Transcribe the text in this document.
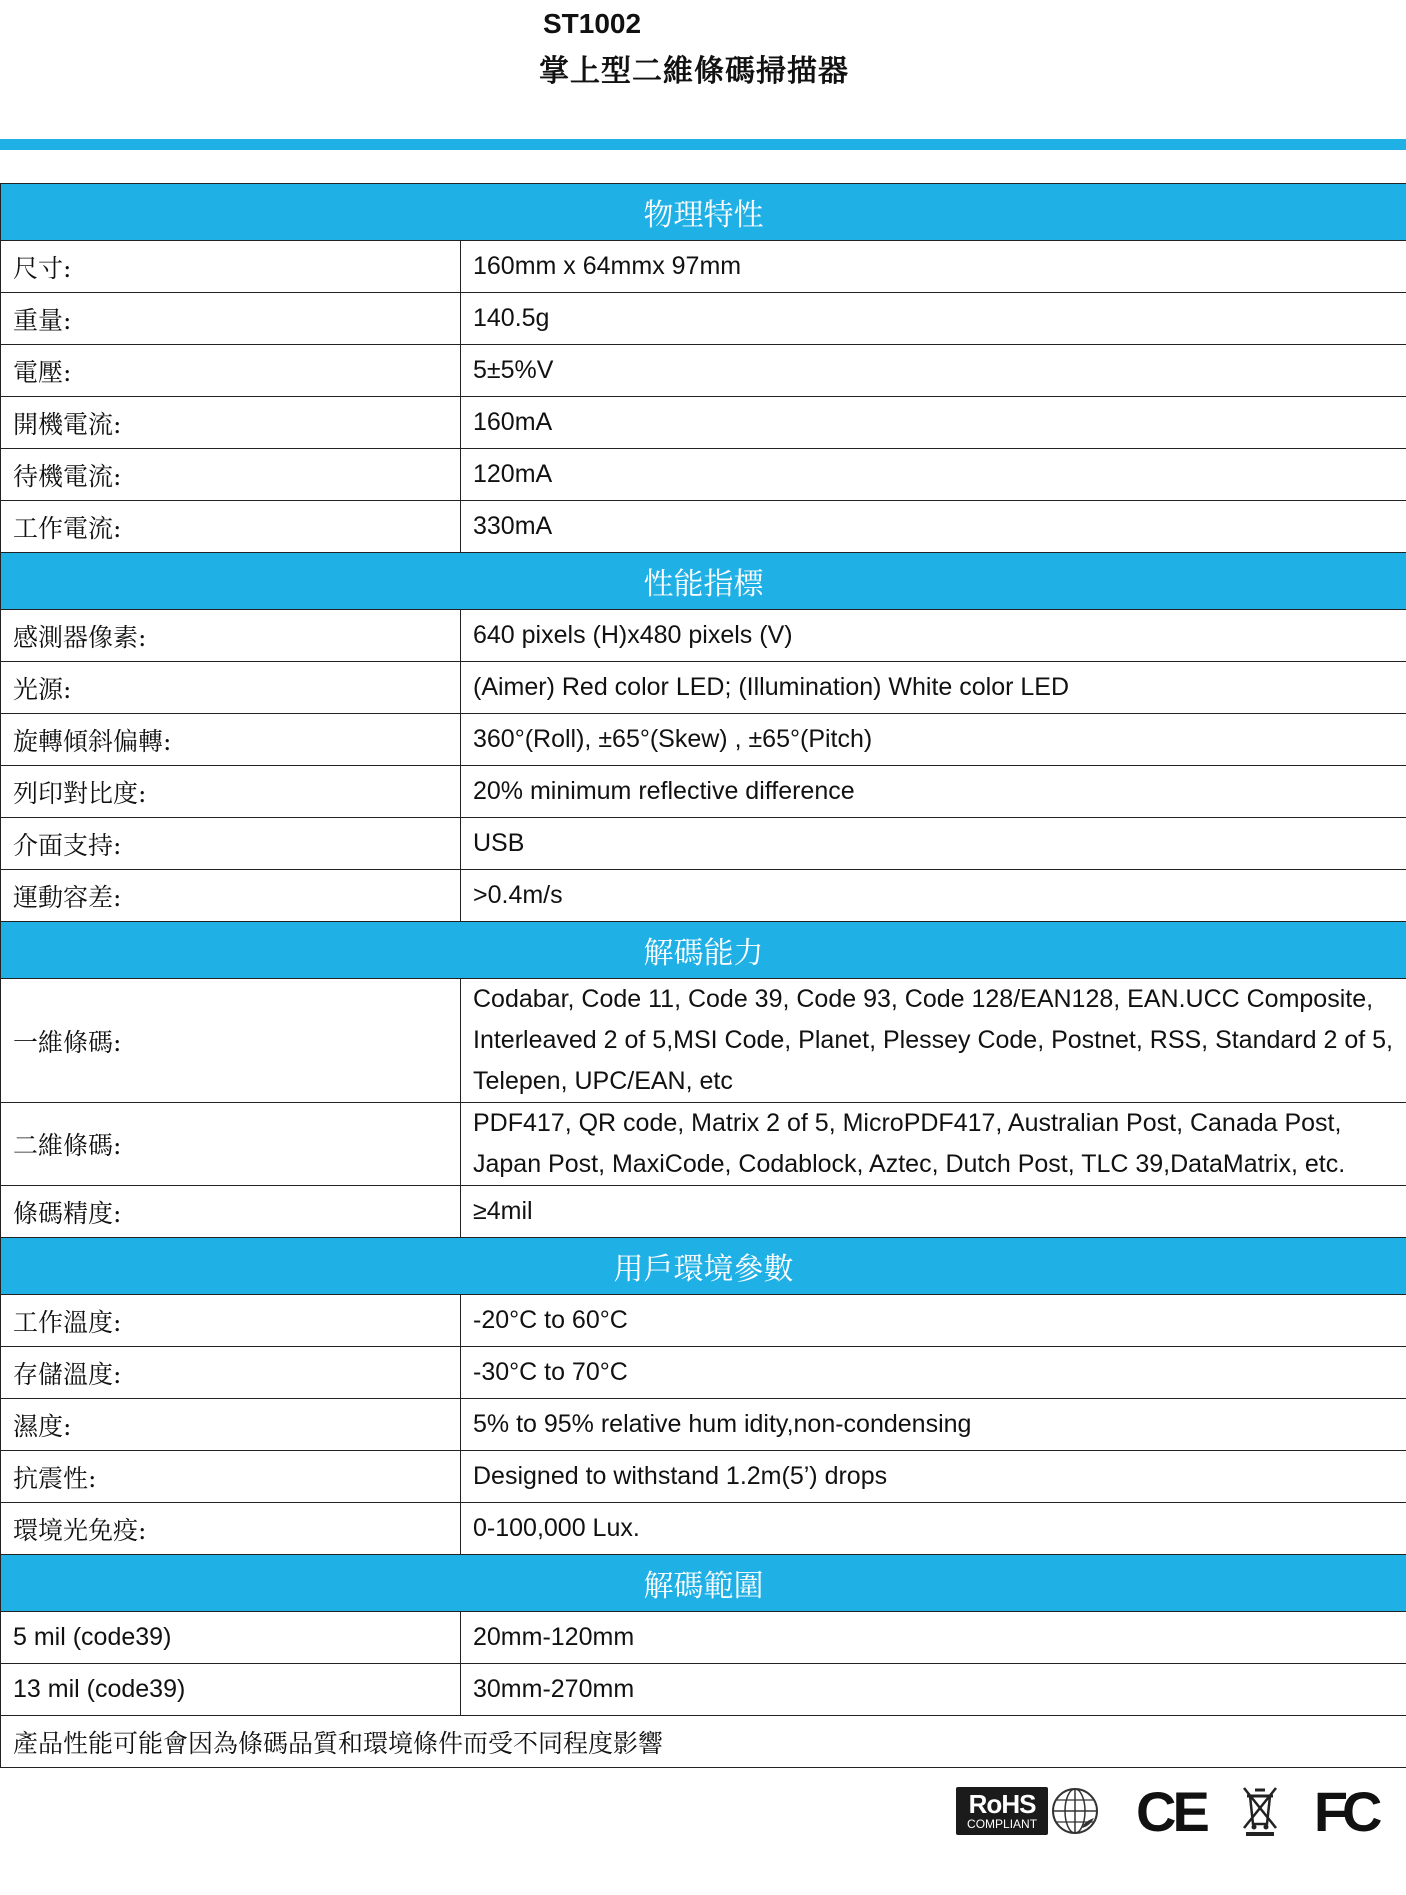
ST1002
掌上型二維條碼掃描器
物理特性	
尺寸:	160mm x 64mmx 97mm
重量:	140.5g
電壓:	5±5%V
開機電流:	160mA
待機電流:	120mA
工作電流:	330mA
性能指標	
感測器像素:	640 pixels (H)x480 pixels (V)
光源:	(Aimer) Red color LED; (Illumination) White color LED
旋轉傾斜偏轉:	360°(Roll), ±65°(Skew) , ±65°(Pitch)
列印對比度:	20% minimum reflective difference
介面支持:	USB
運動容差:	>0.4m/s
解碼能力	
一維條碼:	Codabar, Code 11, Code 39, Code 93, Code 128/EAN128, EAN.UCC Composite, Interleaved 2 of 5,MSI Code, Planet, Plessey Code, Postnet, RSS, Standard 2 of 5, Telepen, UPC/EAN, etc
二維條碼:	PDF417, QR code, Matrix 2 of 5, MicroPDF417, Australian Post, Canada Post, Japan Post, MaxiCode, Codablock, Aztec, Dutch Post, TLC 39,DataMatrix, etc.
條碼精度:	≥4mil
用戶環境參數	
工作溫度:	-20°C to 60°C
存儲溫度:	-30°C to 70°C
濕度:	5% to 95% relative hum idity,non-condensing
抗震性:	Designed to withstand 1.2m(5’) drops
環境光免疫:	0-100,000 Lux.
解碼範圍	
5 mil (code39)	20mm-120mm
13 mil (code39)	30mm-270mm
產品性能可能會因為條碼品質和環境條件而受不同程度影響	

RoHS
COMPLIANT CE FC	
